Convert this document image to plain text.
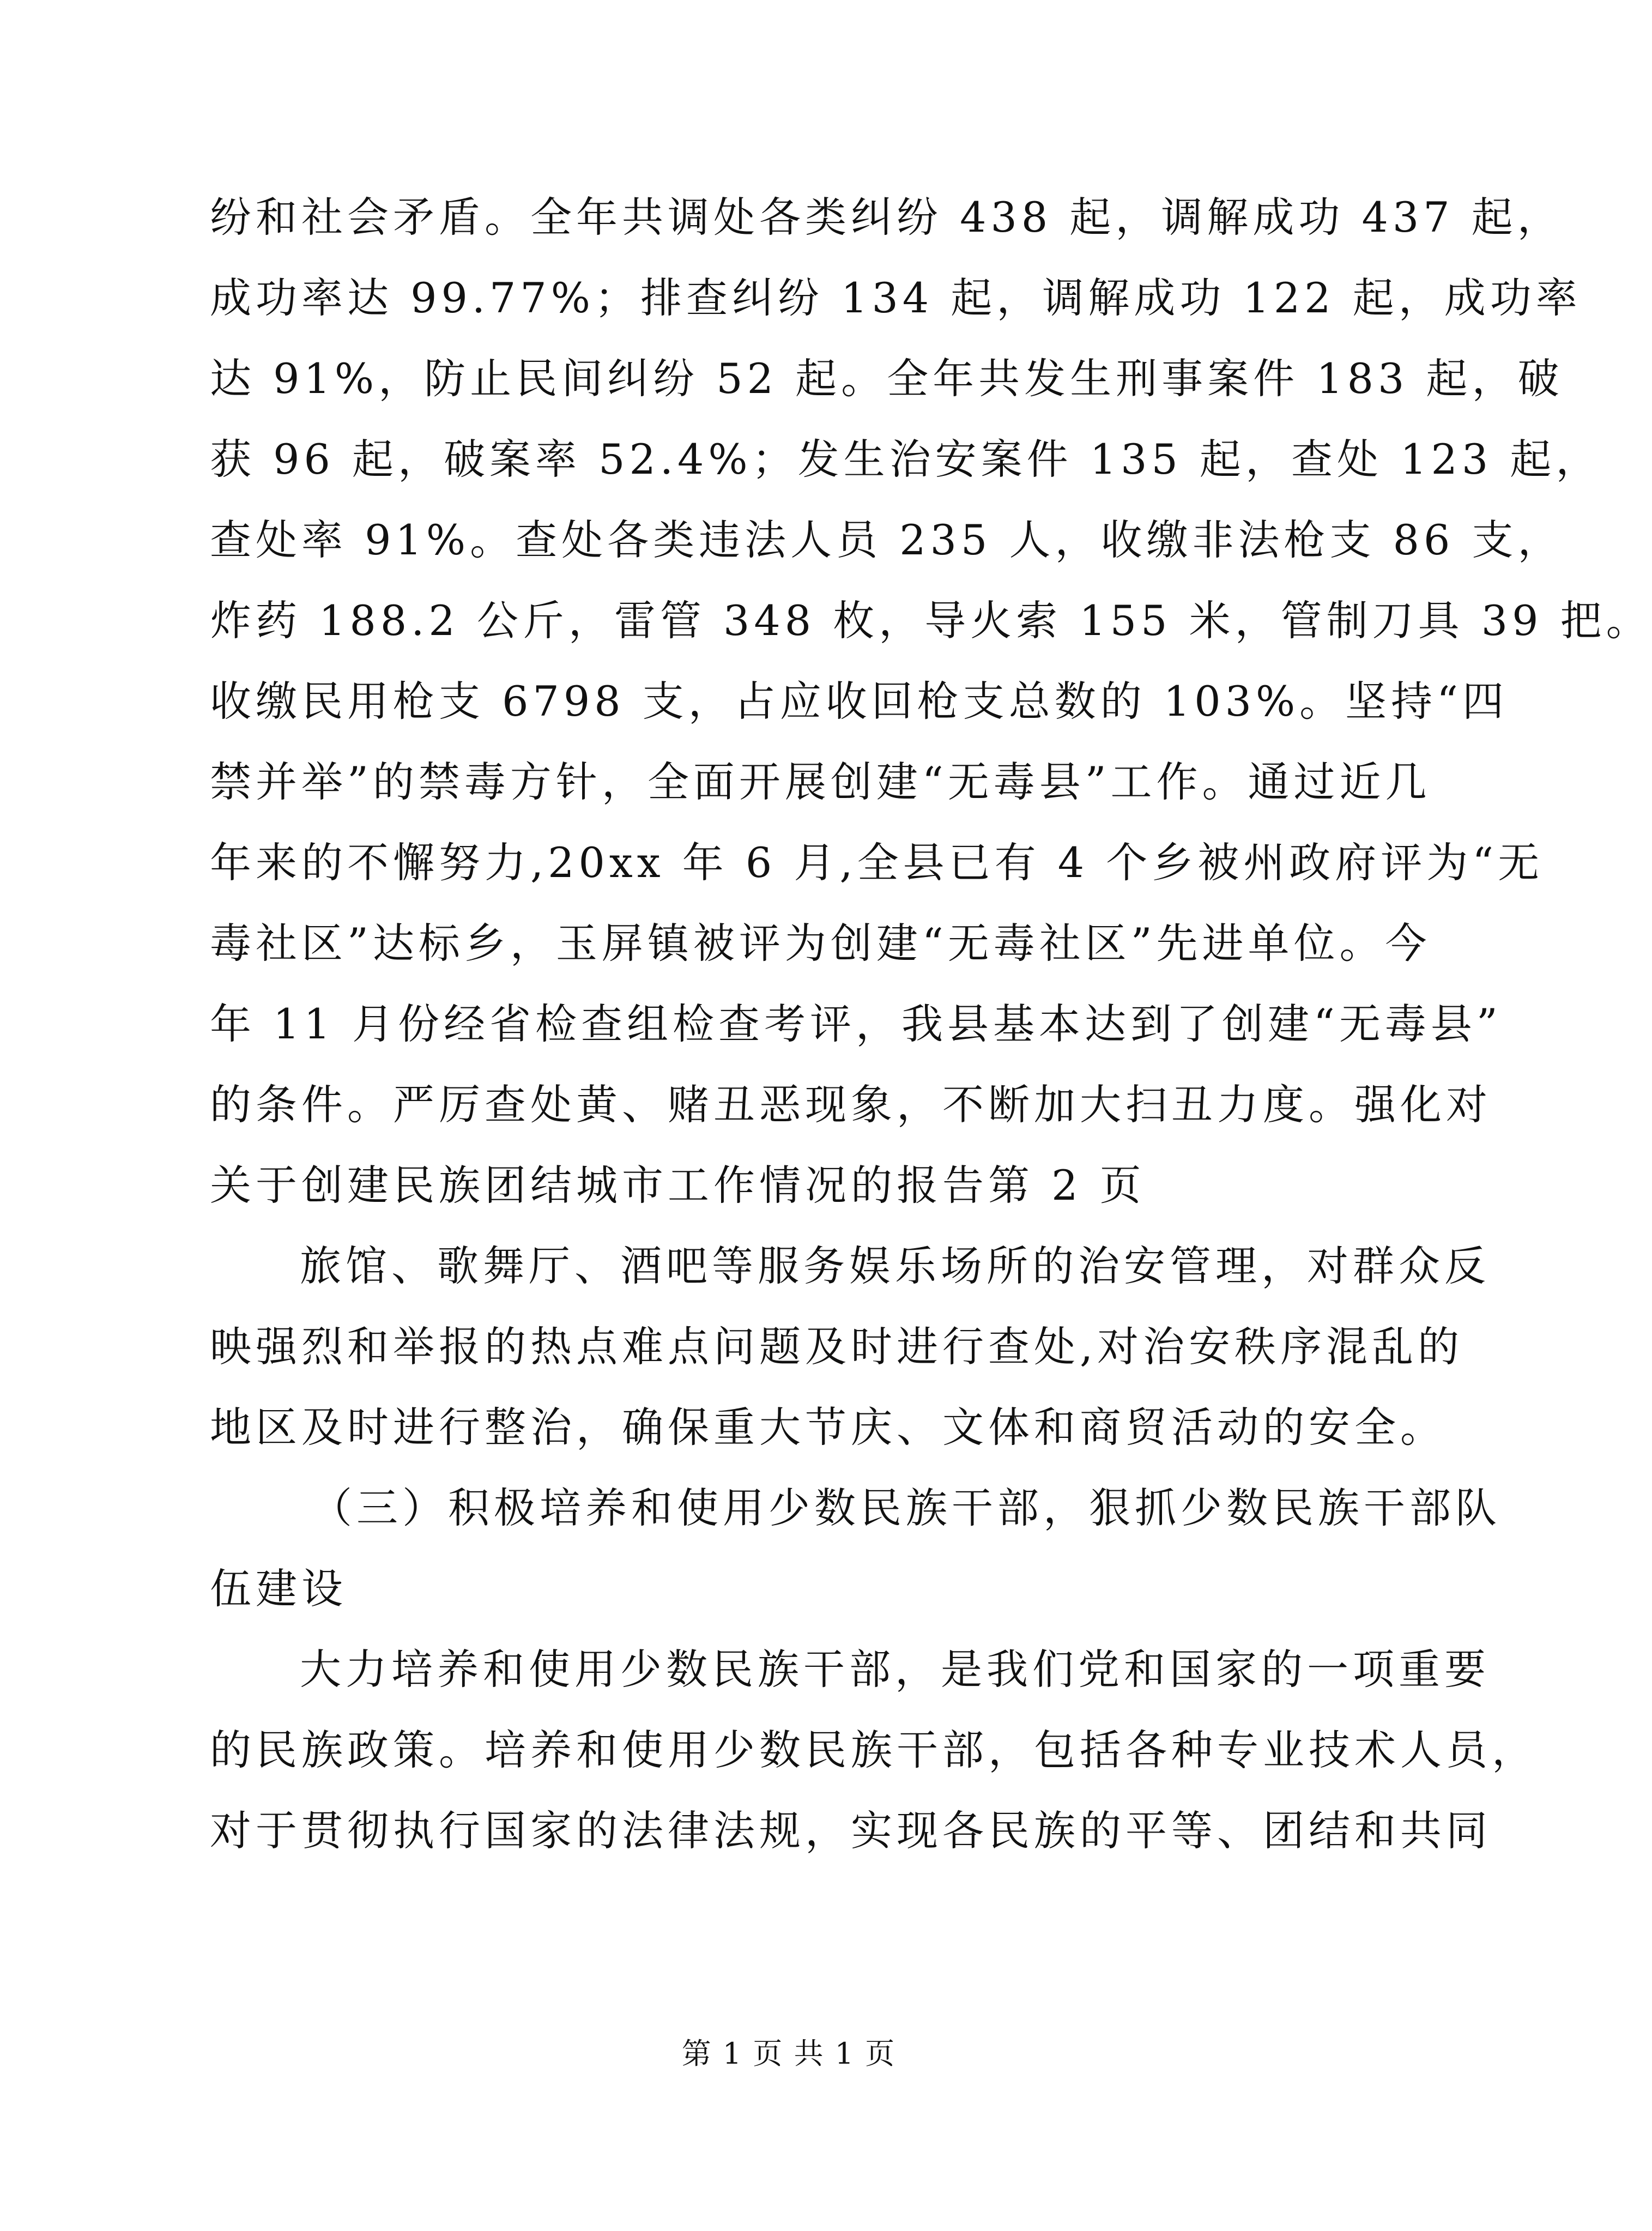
纷和社会矛盾。全年共调处各类纠纷 438 起，调解成功 437 起，
成功率达 99.77%；排查纠纷 134 起，调解成功 122 起，成功率
达 91%，防止民间纠纷 52 起。全年共发生刑事案件 183 起，破
获 96 起，破案率 52.4%；发生治安案件 135 起，查处 123 起，
查处率 91%。查处各类违法人员 235 人，收缴非法枪支 86 支，
炸药 188.2 公斤，雷管 348 枚，导火索 155 米，管制刀具 39 把。
收缴民用枪支 6798 支，占应收回枪支总数的 103%。坚持“四
禁并举”的禁毒方针，全面开展创建“无毒县”工作。通过近几
年来的不懈努力,20xx 年 6 月,全县已有 4 个乡被州政府评为“无
毒社区”达标乡，玉屏镇被评为创建“无毒社区”先进单位。今
年 11 月份经省检查组检查考评，我县基本达到了创建“无毒县”
的条件。严厉查处黄、赌丑恶现象，不断加大扫丑力度。强化对
关于创建民族团结城市工作情况的报告第 2 页
旅馆、歌舞厅、酒吧等服务娱乐场所的治安管理，对群众反
映强烈和举报的热点难点问题及时进行查处,对治安秩序混乱的
地区及时进行整治，确保重大节庆、文体和商贸活动的安全。
（三）积极培养和使用少数民族干部，狠抓少数民族干部队
伍建设
大力培养和使用少数民族干部，是我们党和国家的一项重要
的民族政策。培养和使用少数民族干部，包括各种专业技术人员，
对于贯彻执行国家的法律法规，实现各民族的平等、团结和共同
第 1 页 共 1 页
